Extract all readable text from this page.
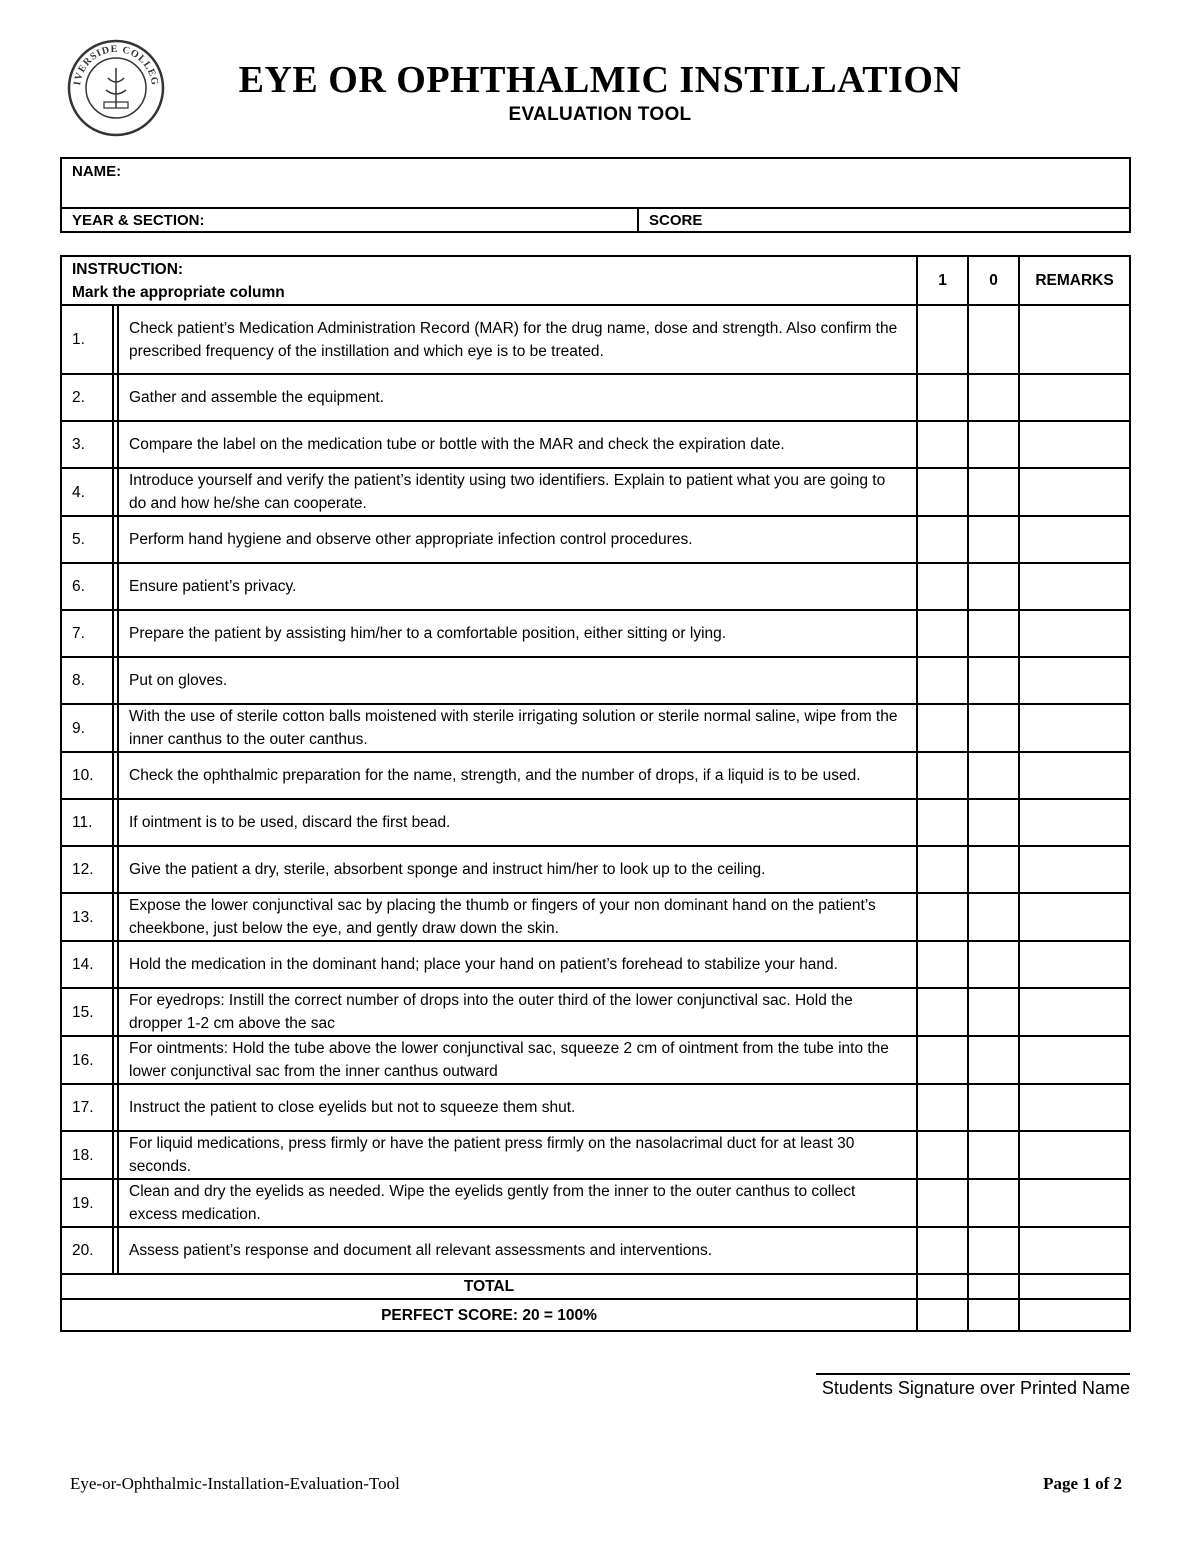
IVERSIDE COLLEG	EYE OR OPHTHALMIC INSTILLATION
EVALUATION TOOL
NAME:
YEAR & SECTION:	SCORE
INSTRUCTION:
Mark the appropriate column			1	0	REMARKS
1.		Check patient’s Medication Administration Record (MAR) for the drug name, dose and strength. Also confirm the prescribed frequency of the instillation and which eye is to be treated.			
2.		Gather and assemble the equipment.			
3.		Compare the label on the medication tube or bottle with the MAR and check the expiration date.			
4.		Introduce yourself and verify the patient’s identity using two identifiers. Explain to patient what you are going to do and how he/she can cooperate.			
5.		Perform hand hygiene and observe other appropriate infection control procedures.			
6.		Ensure patient’s privacy.			
7.		Prepare the patient by assisting him/her to a comfortable position, either sitting or lying.			
8.		Put on gloves.			
9.		With the use of sterile cotton balls moistened with sterile irrigating solution or sterile normal saline, wipe from the inner canthus to the outer canthus.			
10.		Check the ophthalmic preparation for the name, strength, and the number of drops, if a liquid is to be used.			
11.		If ointment is to be used, discard the first bead.			
12.		Give the patient a dry, sterile, absorbent sponge and instruct him/her to look up to the ceiling.			
13.		Expose the lower conjunctival sac by placing the thumb or fingers of your non dominant hand on the patient’s cheekbone, just below the eye, and gently draw down the skin.			
14.		Hold the medication in the dominant hand; place your hand on patient’s forehead to stabilize your hand.			
15.		For eyedrops: Instill the correct number of drops into the outer third of the lower conjunctival sac. Hold the dropper 1-2 cm above the sac			
16.		For ointments: Hold the tube above the lower conjunctival sac, squeeze 2 cm of ointment from the tube into the lower conjunctival sac from the inner canthus outward			
17.		Instruct the patient to close eyelids but not to squeeze them shut.			
18.		For liquid medications, press firmly or have the patient press firmly on the nasolacrimal duct for at least 30 seconds.			
19.		Clean and dry the eyelids as needed. Wipe the eyelids gently from the inner to the outer canthus to collect excess medication.			
20.		Assess patient’s response and document all relevant assessments and interventions.			
TOTAL					
PERFECT SCORE: 20 = 100%					
Students Signature over Printed Name
Eye-or-Ophthalmic-Installation-Evaluation-Tool	Page 1 of 2
